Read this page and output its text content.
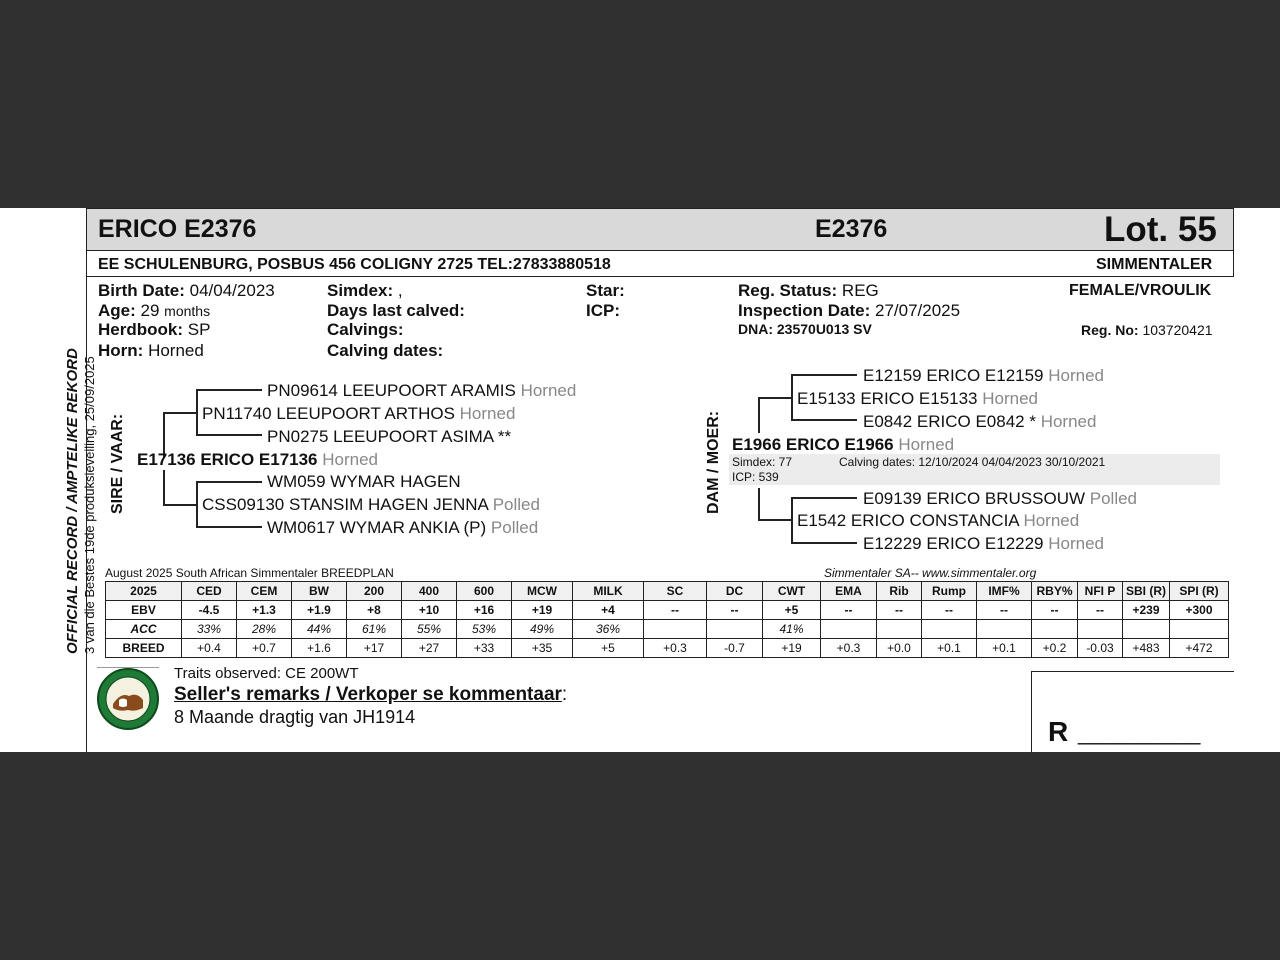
ERICO E2376	E2376	Lot. 55
EE SCHULENBURG, POSBUS 456 COLIGNY 2725 TEL:27833880518	SIMMENTALER
Birth Date: 04/04/2023
Age: 29 months
Herdbook: SP
Horn: Horned
Simdex: ,
Days last calved:
Calvings:
Calving dates:
Star:
ICP:
Reg. Status: REG
Inspection Date: 27/07/2025
DNA: 23570U013 SV
FEMALE/VROULIK
Reg. No: 103720421
OFFICIAL RECORD / AMPTELIKE REKORD 3 van die Bestes 19de produksieveiling, 25/09/2025 SIRE / VAAR:
PN09614 LEEUPOORT ARAMIS Horned
PN11740 LEEUPOORT ARTHOS Horned
PN0275 LEEUPOORT ASIMA **
E17136 ERICO E17136 Horned
WM059 WYMAR HAGEN
CSS09130 STANSIM HAGEN JENNA Polled
WM0617 WYMAR ANKIA (P) Polled
DAM / MOER:
E12159 ERICO E12159 Horned
E15133 ERICO E15133 Horned
E0842 ERICO E0842 * Horned
E1966 ERICO E1966 Horned
Simdex: 77	Calving dates: 12/10/2024 04/04/2023 30/10/2021
ICP: 539
E09139 ERICO BRUSSOUW Polled
E1542 ERICO CONSTANCIA Horned
E12229 ERICO E12229 Horned
August 2025 South African Simmentaler BREEDPLAN	Simmentaler SA-- www.simmentaler.org
2025	CED	CEM	BW	200	400	600	MCW	MILK	SC	DC	CWT	EMA	Rib	Rump	IMF%	RBY%	NFI P	SBI (R)	SPI (R)
EBV	-4.5	+1.3	+1.9	+8	+10	+16	+19	+4	--	--	+5	--	--	--	--	--	--	+239	+300
ACC	33%	28%	44%	61%	55%	53%	49%	36%			41%								
BREED	+0.4	+0.7	+1.6	+17	+27	+33	+35	+5	+0.3	-0.7	+19	+0.3	+0.0	+0.1	+0.1	+0.2	-0.03	+483	+472
Traits observed: CE 200WT
Seller's remarks / Verkoper se kommentaar:
8 Maande dragtig van JH1914	R __________
